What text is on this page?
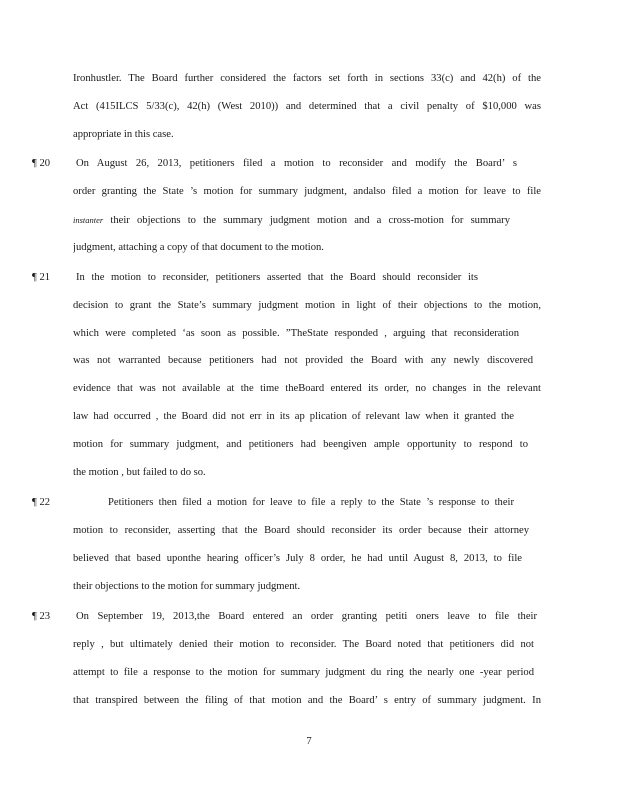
Ironhustler. The Board further considered the factors set forth in sections 33(c) and 42(h) of the
Act (415ILCS 5/33(c), 42(h) (West 2010)) and determined that a civil penalty of $10,000 was
appropriate in this case.
¶ 20 On August 26, 2013, petitioners filed a motion to reconsider and modify the Board’ s
order granting the State ’s motion for summary judgment, andalso filed a motion for leave to file
instanter their objections to the summary judgment motion and a cross-motion for summary
judgment, attaching a copy of that document to the motion.
¶ 21 In the motion to reconsider, petitioners asserted that the Board should reconsider its
decision to grant the State’s summary judgment motion in light of their objections to the motion,
which were completed ‘as soon as possible. ”TheState responded , arguing that reconsideration
was not warranted because petitioners had not provided the Board with any newly discovered
evidence that was not available at the time theBoard entered its order, no changes in the relevant
law had occurred , the Board did not err in its ap plication of relevant law when it granted the
motion for summary judgment, and petitioners had beengiven ample opportunity to respond to
the motion , but failed to do so.
¶ 22	Petitioners then filed a motion for leave to file a reply to the State ’s response to their
motion to reconsider, asserting that the Board should reconsider its order because their attorney
believed that based uponthe hearing officer’s July 8 order, he had until August 8, 2013, to file
their objections to the motion for summary judgment.
¶ 23 On September 19, 2013,the Board entered an order granting petiti oners leave to file their
reply , but ultimately denied their motion to reconsider. The Board noted that petitioners did not
attempt to file a response to the motion for summary judgment du ring the nearly one -year period
that transpired between the filing of that motion and the Board’ s entry of summary judgment. In
7
